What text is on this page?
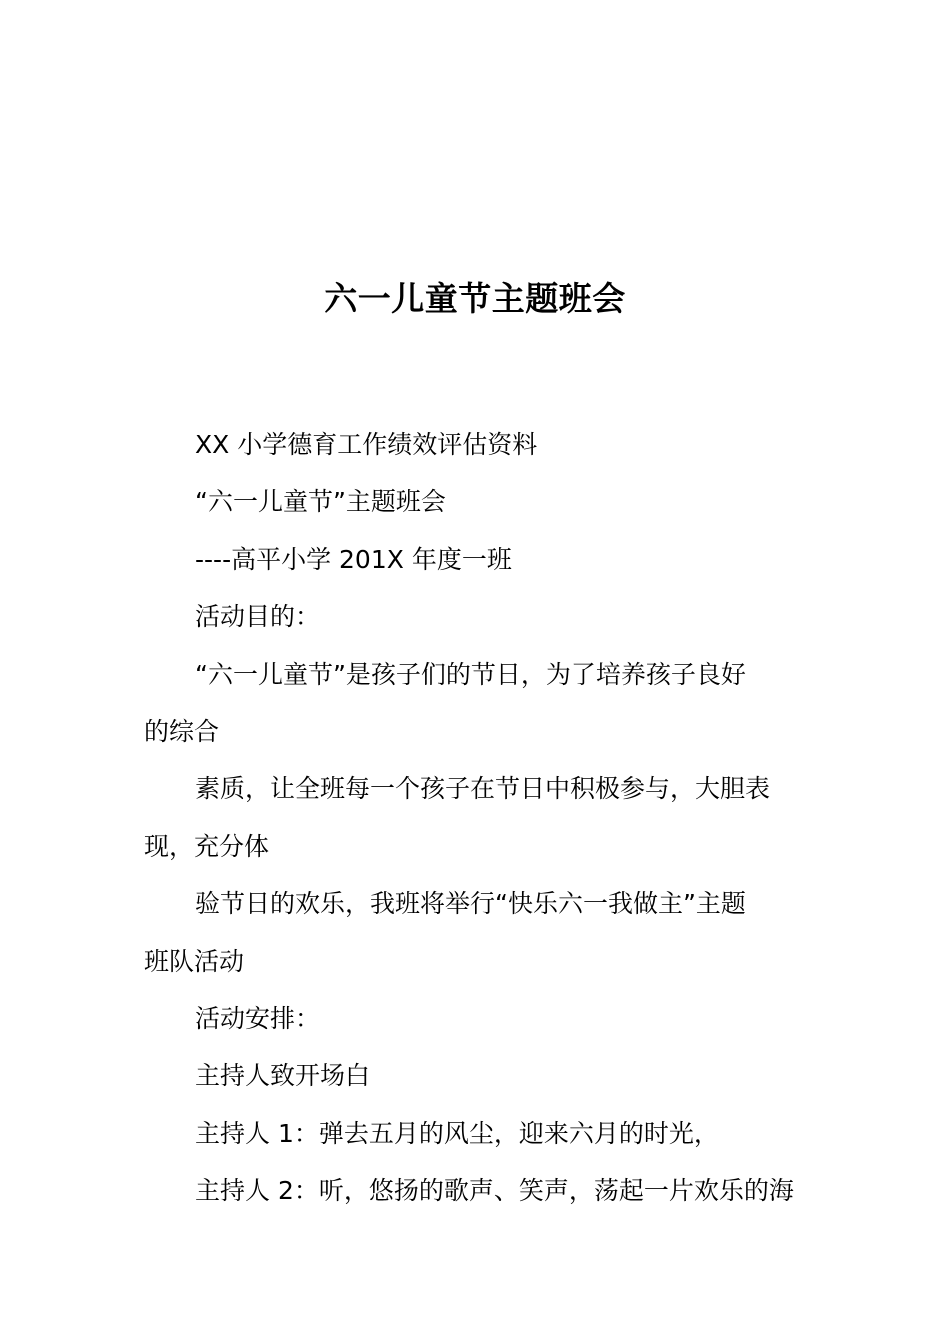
六一儿童节主题班会
XX 小学德育工作绩效评估资料
“六一儿童节”主题班会
----高平小学 201X 年度一班
活动目的：
“六一儿童节”是孩子们的节日，为了培养孩子良好
的综合
素质，让全班每一个孩子在节日中积极参与，大胆表
现，充分体
验节日的欢乐，我班将举行“快乐六一我做主”主题
班队活动
活动安排：
主持人致开场白
主持人 1：弹去五月的风尘，迎来六月的时光，
主持人 2：听，悠扬的歌声、笑声，荡起一片欢乐的海
